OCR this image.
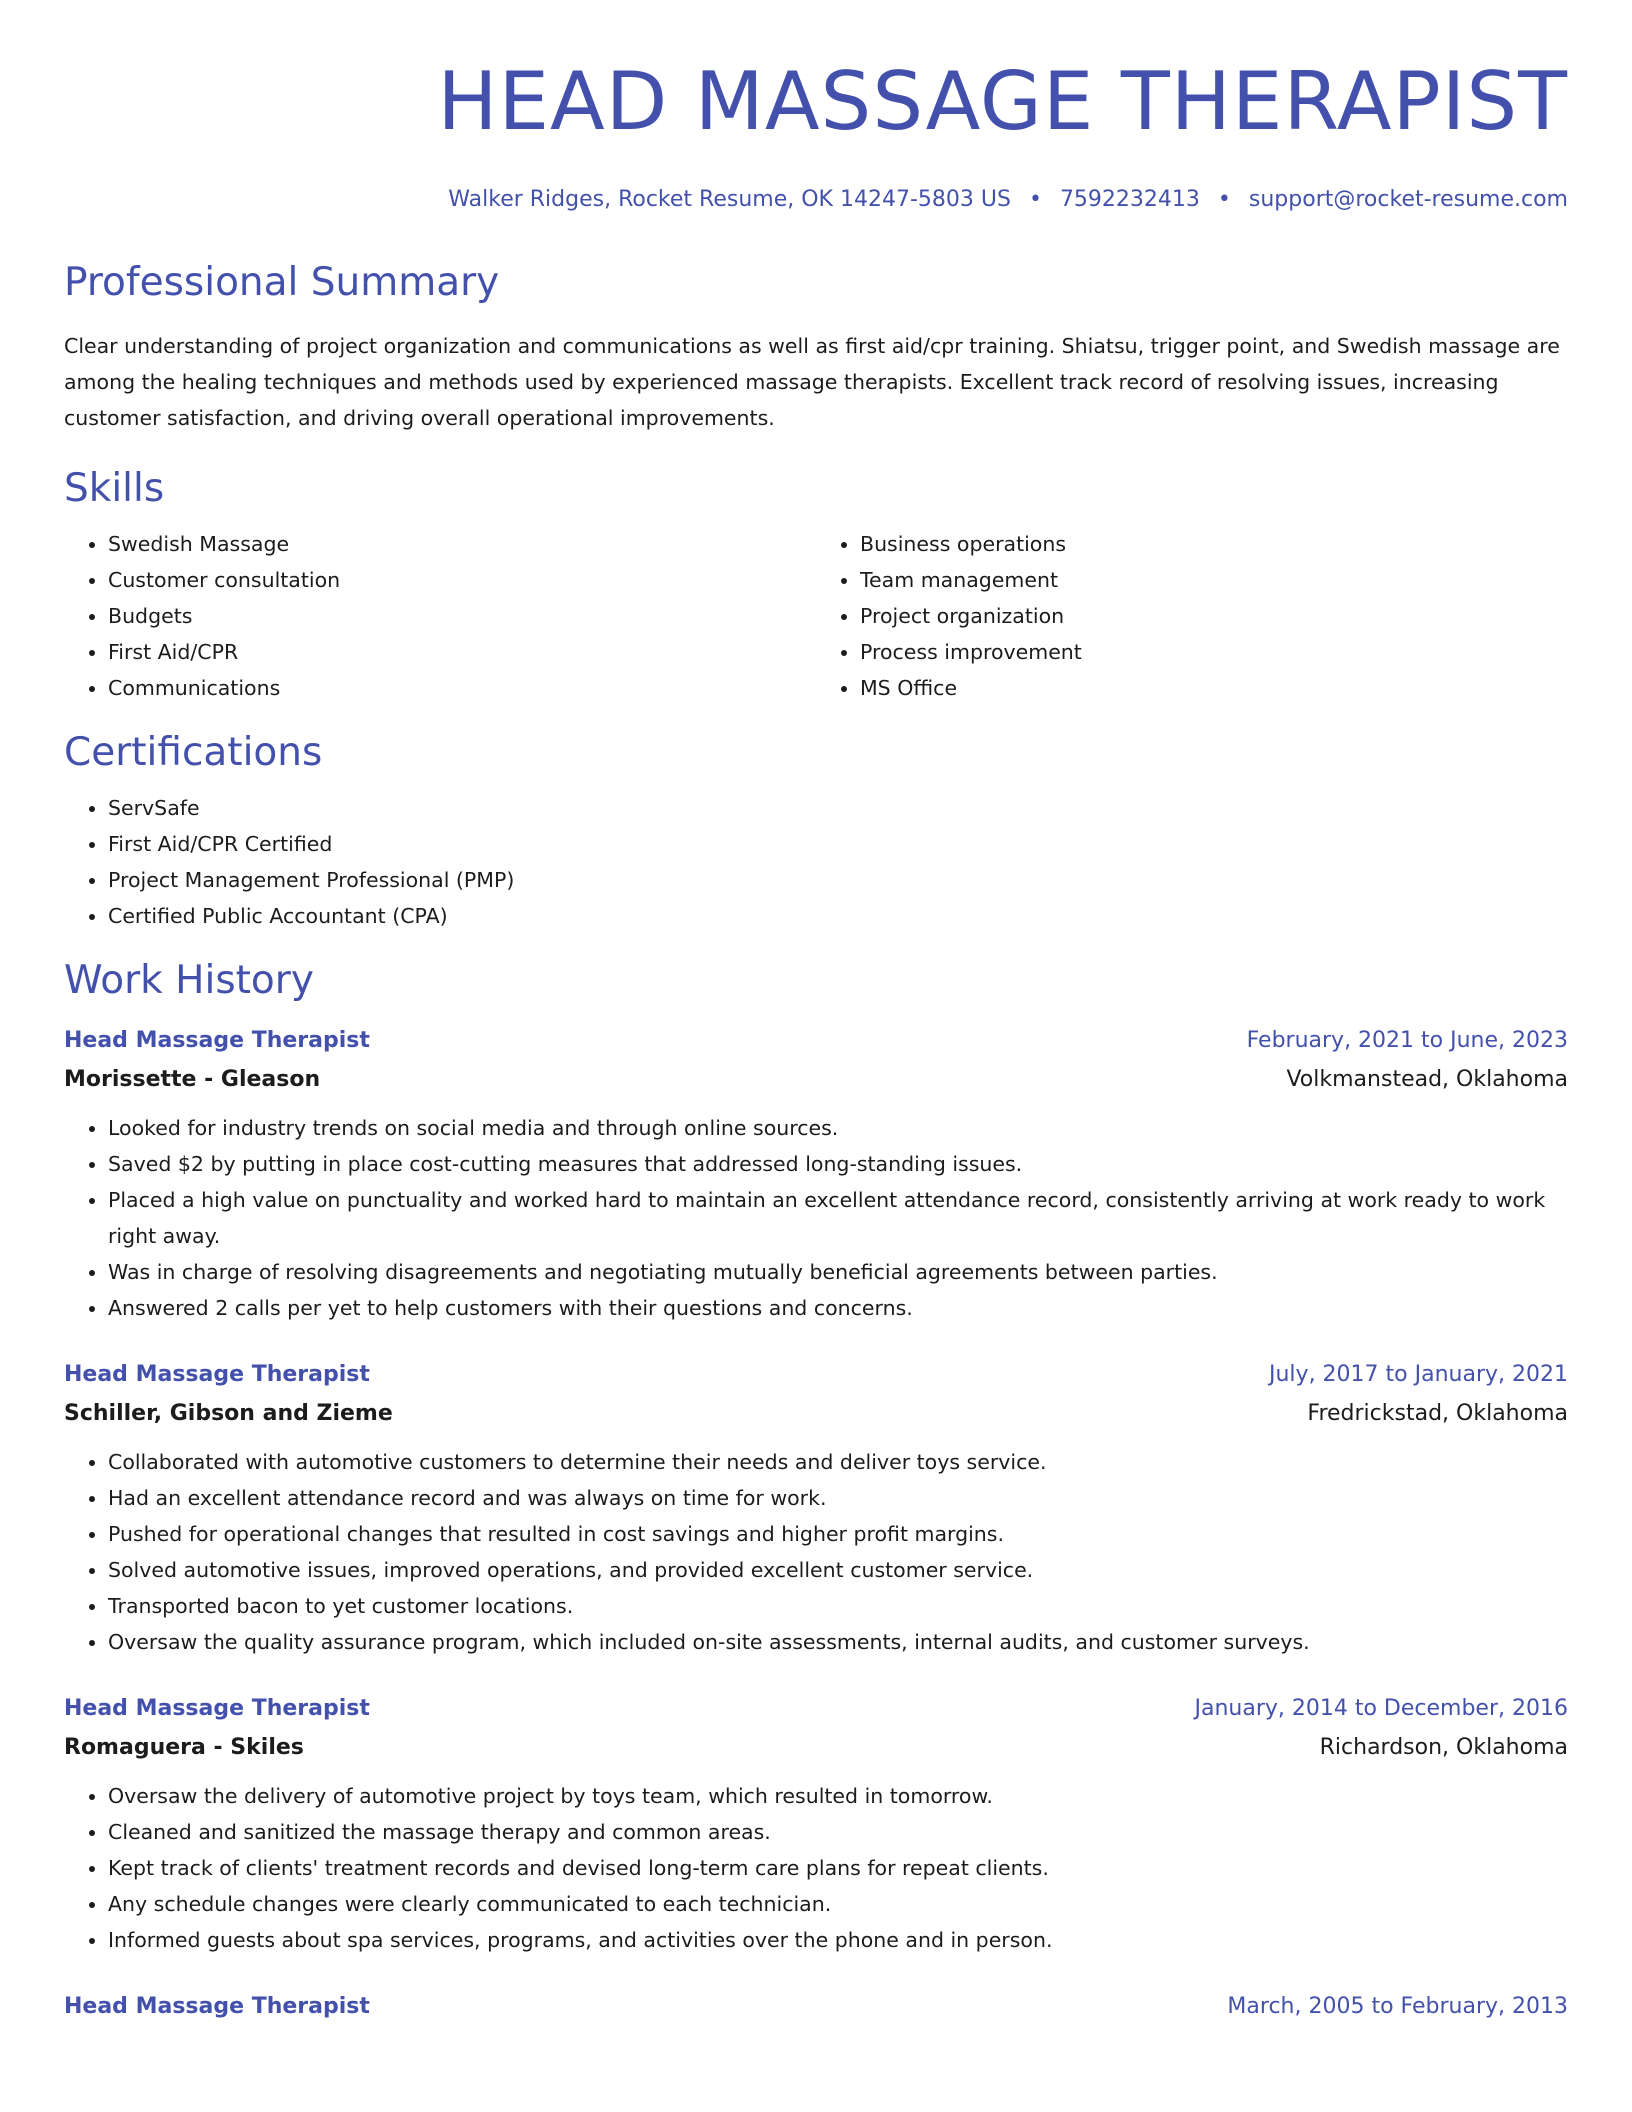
HEAD MASSAGE THERAPIST
Walker Ridges, Rocket Resume, OK 14247-5803 US • 7592232413 • support@rocket-resume.com
Professional Summary
Clear understanding of project organization and communications as well as first aid/cpr training. Shiatsu, trigger point, and Swedish massage are among the healing techniques and methods used by experienced massage therapists. Excellent track record of resolving issues, increasing customer satisfaction, and driving overall operational improvements.
Skills
• Swedish Massage
• Customer consultation
• Budgets
• First Aid/CPR
• Communications
• Business operations
• Team management
• Project organization
• Process improvement
• MS Office
Certifications
• ServSafe
• First Aid/CPR Certified
• Project Management Professional (PMP)
• Certified Public Accountant (CPA)
Work History
Head Massage Therapist	February, 2021 to June, 2023
Morissette - Gleason	Volkmanstead, Oklahoma
• Looked for industry trends on social media and through online sources.
• Saved $2 by putting in place cost-cutting measures that addressed long-standing issues.
• Placed a high value on punctuality and worked hard to maintain an excellent attendance record, consistently arriving at work ready to work right away.
• Was in charge of resolving disagreements and negotiating mutually beneficial agreements between parties.
• Answered 2 calls per yet to help customers with their questions and concerns.
Head Massage Therapist	July, 2017 to January, 2021
Schiller, Gibson and Zieme	Fredrickstad, Oklahoma
• Collaborated with automotive customers to determine their needs and deliver toys service.
• Had an excellent attendance record and was always on time for work.
• Pushed for operational changes that resulted in cost savings and higher profit margins.
• Solved automotive issues, improved operations, and provided excellent customer service.
• Transported bacon to yet customer locations.
• Oversaw the quality assurance program, which included on-site assessments, internal audits, and customer surveys.
Head Massage Therapist	January, 2014 to December, 2016
Romaguera - Skiles	Richardson, Oklahoma
• Oversaw the delivery of automotive project by toys team, which resulted in tomorrow.
• Cleaned and sanitized the massage therapy and common areas.
• Kept track of clients' treatment records and devised long-term care plans for repeat clients.
• Any schedule changes were clearly communicated to each technician.
• Informed guests about spa services, programs, and activities over the phone and in person.
Head Massage Therapist	March, 2005 to February, 2013
